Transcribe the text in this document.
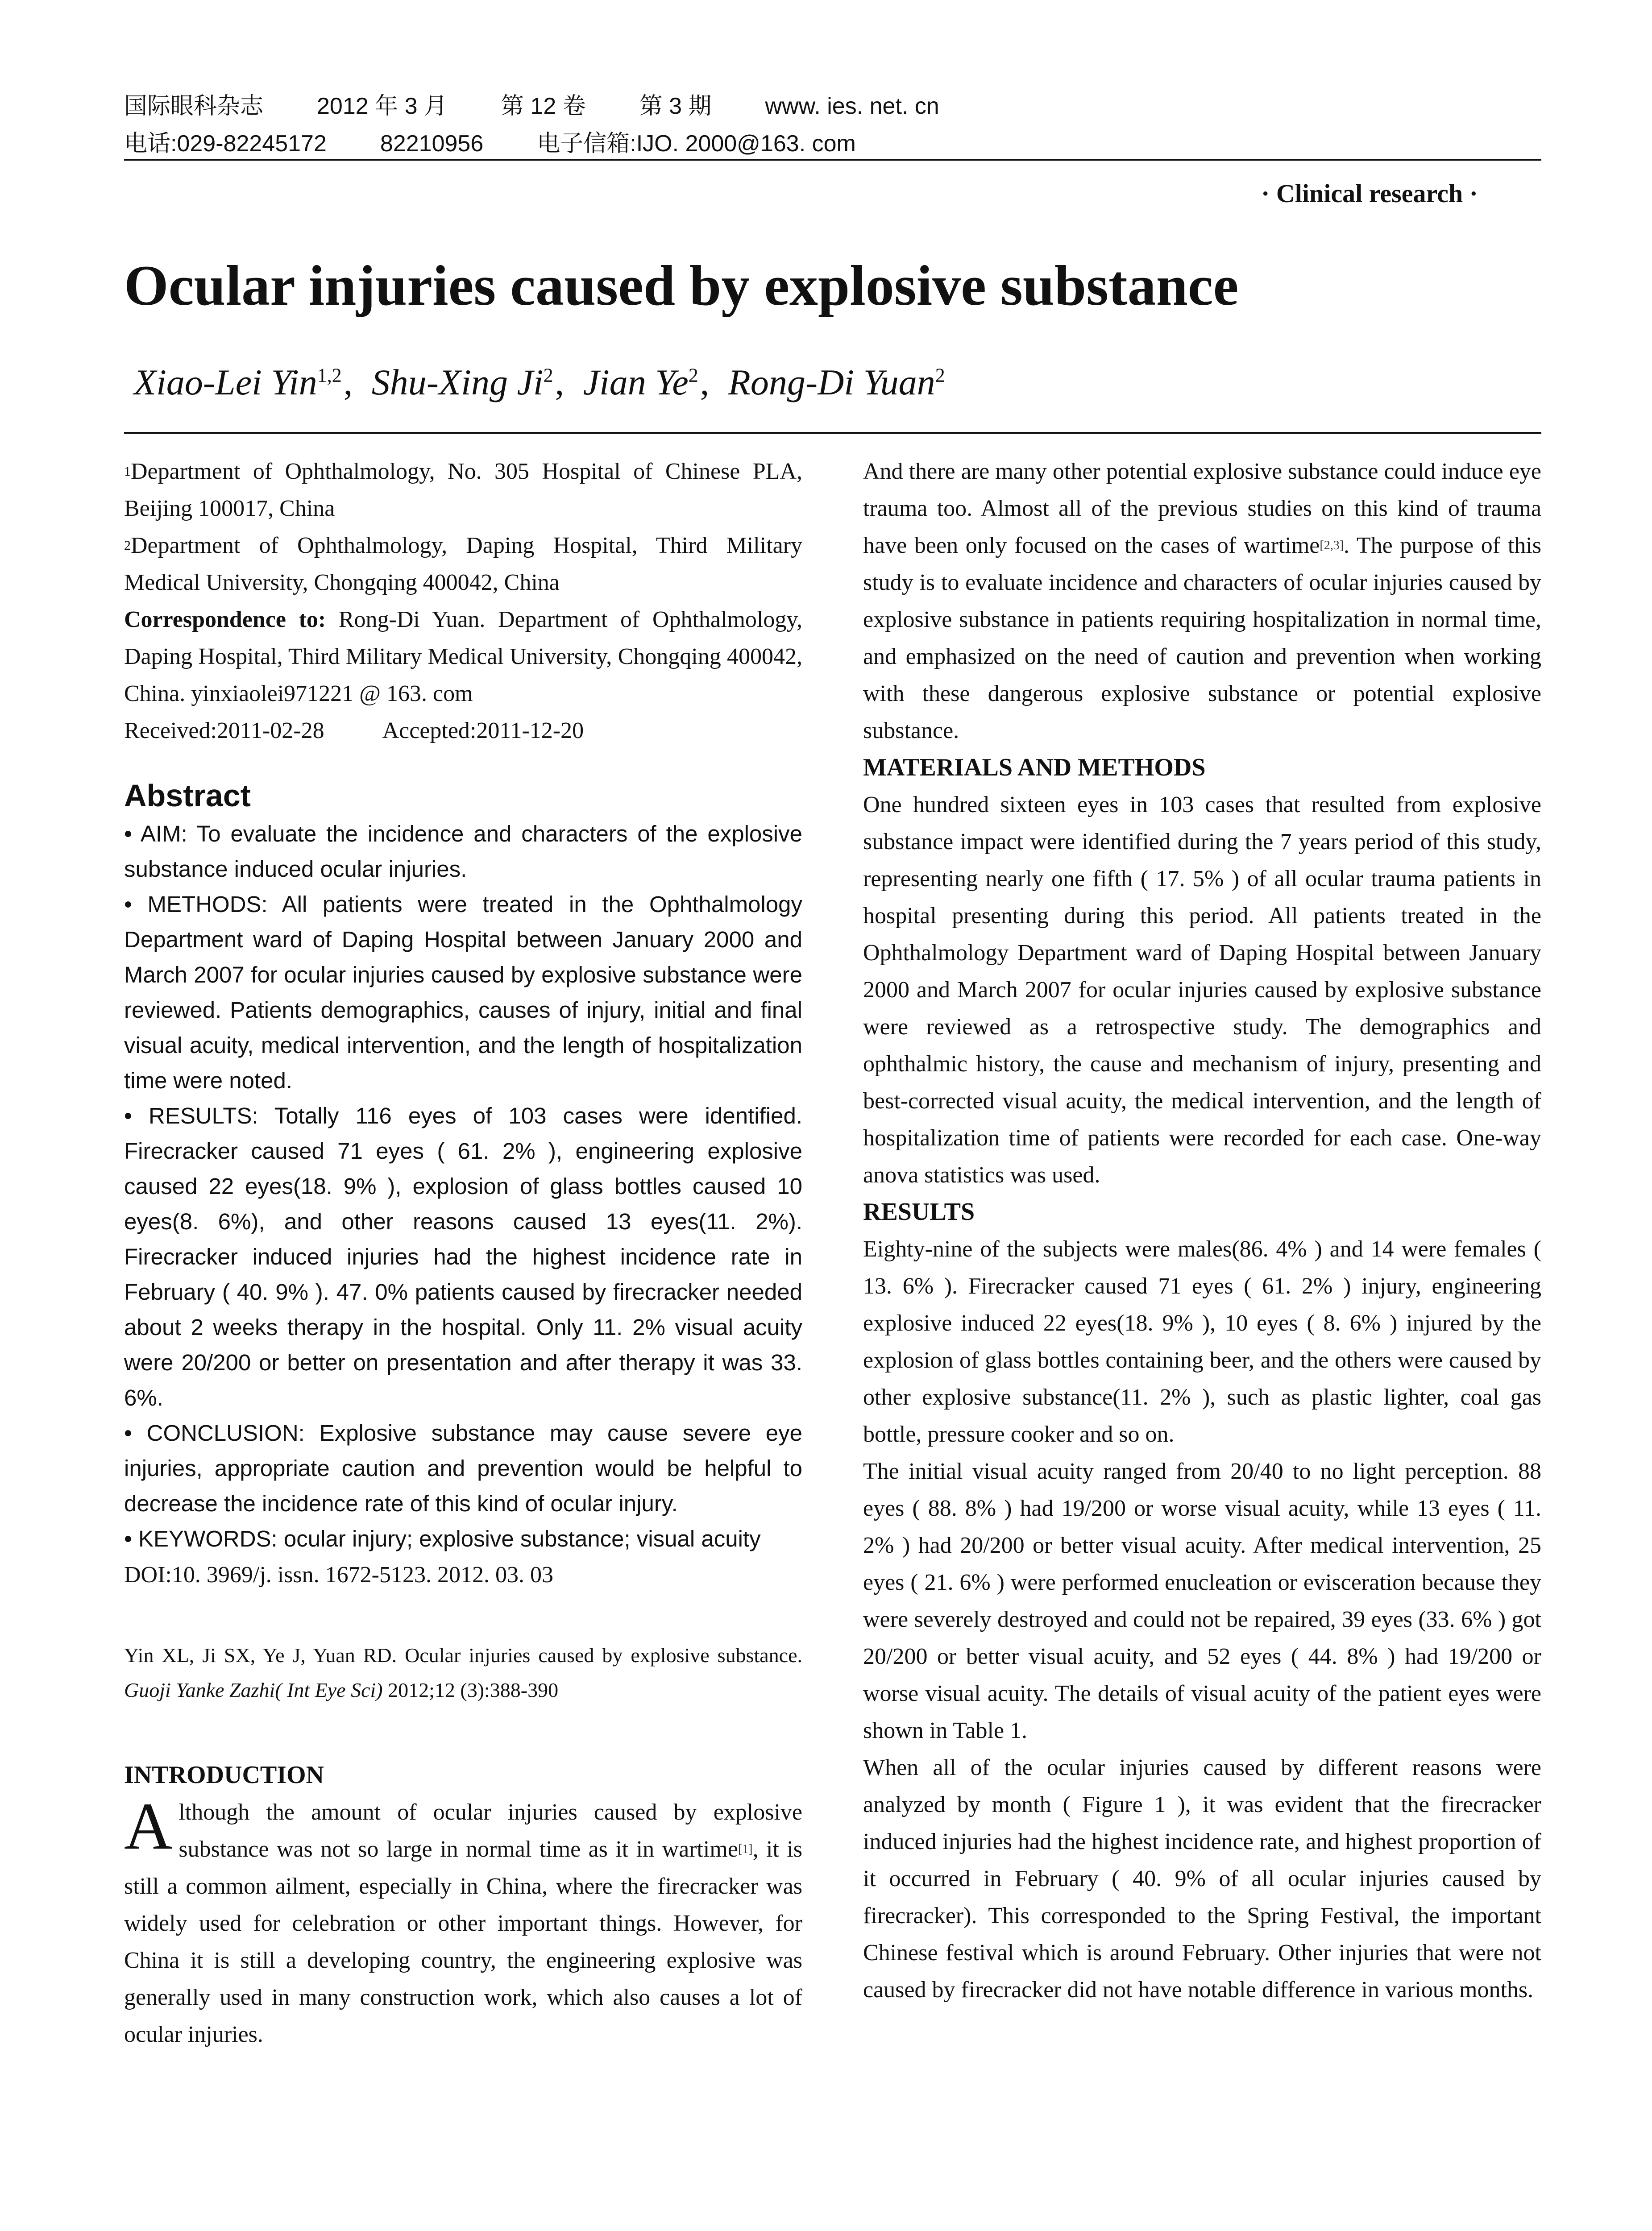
国际眼科杂志 2012 年 3 月 第 12 卷 第 3 期 www. ies. net. cn
电话:029-82245172 82210956 电子信箱:IJO. 2000@163. com
· Clinical research ·
Ocular injuries caused by explosive substance
Xiao-Lei Yin$^{1,2}$, Shu-Xing Ji$^2$, Jian Ye$^2$, Rong-Di Yuan$^2$

$^1$Department of Ophthalmology, No. 305 Hospital of Chinese PLA, Beijing 100017, China

$^2$Department of Ophthalmology, Daping Hospital, Third Military Medical University, Chongqing 400042, China

Correspondence to: Rong-Di Yuan. Department of Ophthalmology, Daping Hospital, Third Military Medical University, Chongqing 400042, China. yinxiaolei971221 @ 163. com

Received:2011-02-28	Accepted:2011-12-20

Abstract

• AIM: To evaluate the incidence and characters of the explosive substance induced ocular injuries.

• METHODS: All patients were treated in the Ophthalmology Department ward of Daping Hospital between January 2000 and March 2007 for ocular injuries caused by explosive substance were reviewed. Patients demographics, causes of injury, initial and final visual acuity, medical intervention, and the length of hospitalization time were noted.

• RESULTS: Totally 116 eyes of 103 cases were identified. Firecracker caused 71 eyes ( 61. 2% ), engineering explosive caused 22 eyes(18. 9% ), explosion of glass bottles caused 10 eyes(8. 6%), and other reasons caused 13 eyes(11. 2%). Firecracker induced injuries had the highest incidence rate in February ( 40. 9% ). 47. 0% patients caused by firecracker needed about 2 weeks therapy in the hospital. Only 11. 2% visual acuity were 20/200 or better on presentation and after therapy it was 33. 6%.

• CONCLUSION: Explosive substance may cause severe eye injuries, appropriate caution and prevention would be helpful to decrease the incidence rate of this kind of ocular injury.

• KEYWORDS: ocular injury; explosive substance; visual acuity

DOI:10. 3969/j. issn. 1672-5123. 2012. 03. 03

Yin XL, Ji SX, Ye J, Yuan RD. Ocular injuries caused by explosive substance. Guoji Yanke Zazhi( Int Eye Sci) 2012;12 (3):388-390

INTRODUCTION

Although the amount of ocular injuries caused by explosive substance was not so large in normal time as it in wartime[1], it is still a common ailment, especially in China, where the firecracker was widely used for celebration or other important things. However, for China it is still a developing country, the engineering explosive was generally used in many construction work, which also causes a lot of ocular injuries.

And there are many other potential explosive substance could induce eye trauma too. Almost all of the previous studies on this kind of trauma have been only focused on the cases of wartime[2,3]. The purpose of this study is to evaluate incidence and characters of ocular injuries caused by explosive substance in patients requiring hospitalization in normal time, and emphasized on the need of caution and prevention when working with these dangerous explosive substance or potential explosive substance.

MATERIALS AND METHODS

One hundred sixteen eyes in 103 cases that resulted from explosive substance impact were identified during the 7 years period of this study, representing nearly one fifth ( 17. 5% ) of all ocular trauma patients in hospital presenting during this period. All patients treated in the Ophthalmology Department ward of Daping Hospital between January 2000 and March 2007 for ocular injuries caused by explosive substance were reviewed as a retrospective study. The demographics and ophthalmic history, the cause and mechanism of injury, presenting and best-corrected visual acuity, the medical intervention, and the length of hospitalization time of patients were recorded for each case. One-way anova statistics was used.

RESULTS

Eighty-nine of the subjects were males(86. 4% ) and 14 were females ( 13. 6% ). Firecracker caused 71 eyes ( 61. 2% ) injury, engineering explosive induced 22 eyes(18. 9% ), 10 eyes ( 8. 6% ) injured by the explosion of glass bottles containing beer, and the others were caused by other explosive substance(11. 2% ), such as plastic lighter, coal gas bottle, pressure cooker and so on.

The initial visual acuity ranged from 20/40 to no light perception. 88 eyes ( 88. 8% ) had 19/200 or worse visual acuity, while 13 eyes ( 11. 2% ) had 20/200 or better visual acuity. After medical intervention, 25 eyes ( 21. 6% ) were performed enucleation or evisceration because they were severely destroyed and could not be repaired, 39 eyes (33. 6% ) got 20/200 or better visual acuity, and 52 eyes ( 44. 8% ) had 19/200 or worse visual acuity. The details of visual acuity of the patient eyes were shown in Table 1.

When all of the ocular injuries caused by different reasons were analyzed by month ( Figure 1 ), it was evident that the firecracker induced injuries had the highest incidence rate, and highest proportion of it occurred in February ( 40. 9% of all ocular injuries caused by firecracker). This corresponded to the Spring Festival, the important Chinese festival which is around February. Other injuries that were not caused by firecracker did not have notable difference in various months.
